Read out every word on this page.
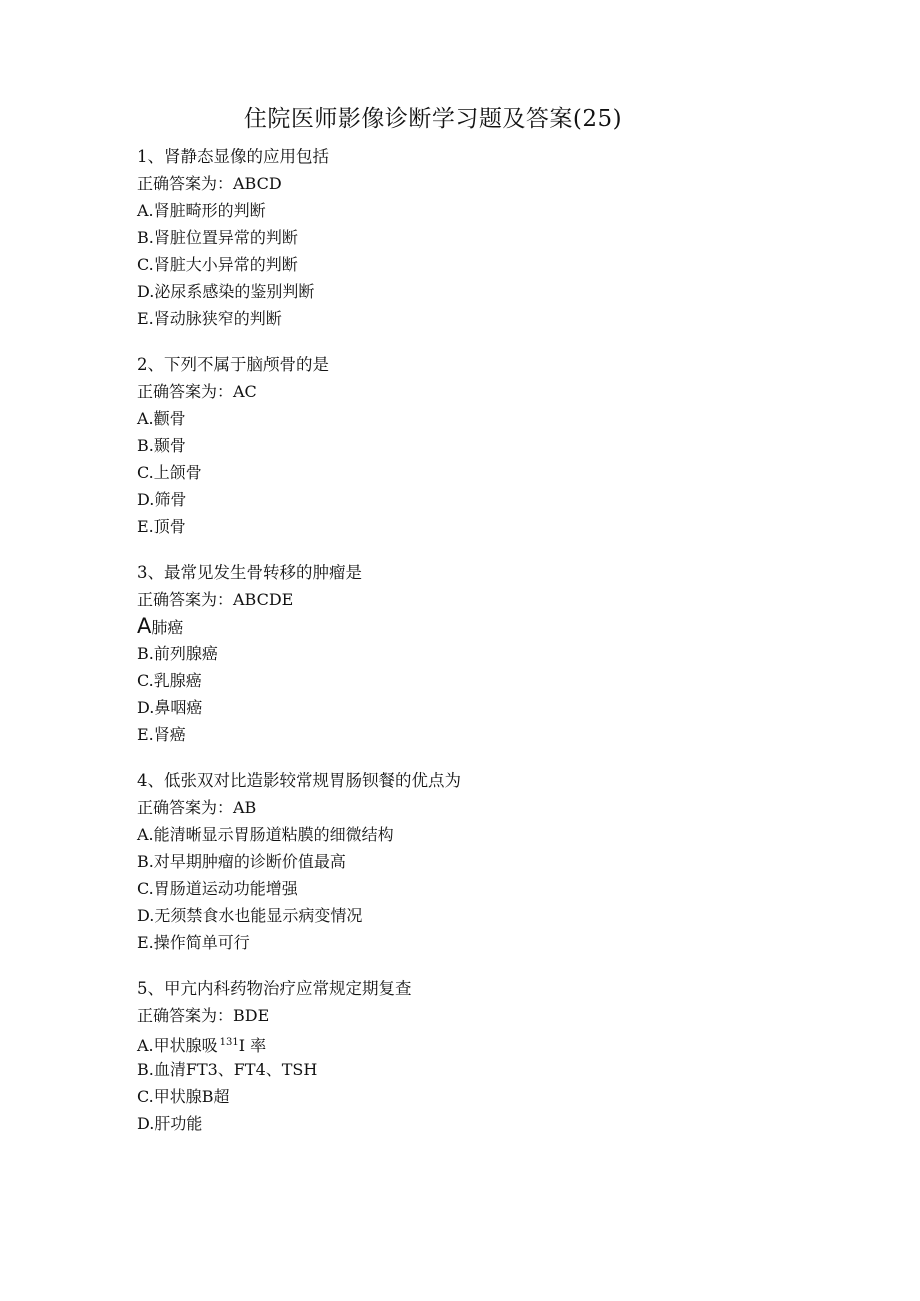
住院医师影像诊断学习题及答案(25)
1、肾静态显像的应用包括
正确答案为：ABCD
A.肾脏畸形的判断
B.肾脏位置异常的判断
C.肾脏大小异常的判断
D.泌尿系感染的鉴别判断
E.肾动脉狭窄的判断
2、下列不属于脑颅骨的是
正确答案为：AC
A.颧骨
B.颞骨
C.上颌骨
D.筛骨
E.顶骨
3、最常见发生骨转移的肿瘤是
正确答案为：ABCDE
A肺癌
B.前列腺癌
C.乳腺癌
D.鼻咽癌
E.肾癌
4、低张双对比造影较常规胃肠钡餐的优点为
正确答案为：AB
A.能清晰显示胃肠道粘膜的细微结构
B.对早期肿瘤的诊断价值最高
C.胃肠道运动功能增强
D.无须禁食水也能显示病变情况
E.操作简单可行
5、甲亢内科药物治疗应常规定期复查
正确答案为：BDE
A.甲状腺吸 $^{131}$I 率
B.血清FT3、FT4、TSH
C.甲状腺B超
D.肝功能
